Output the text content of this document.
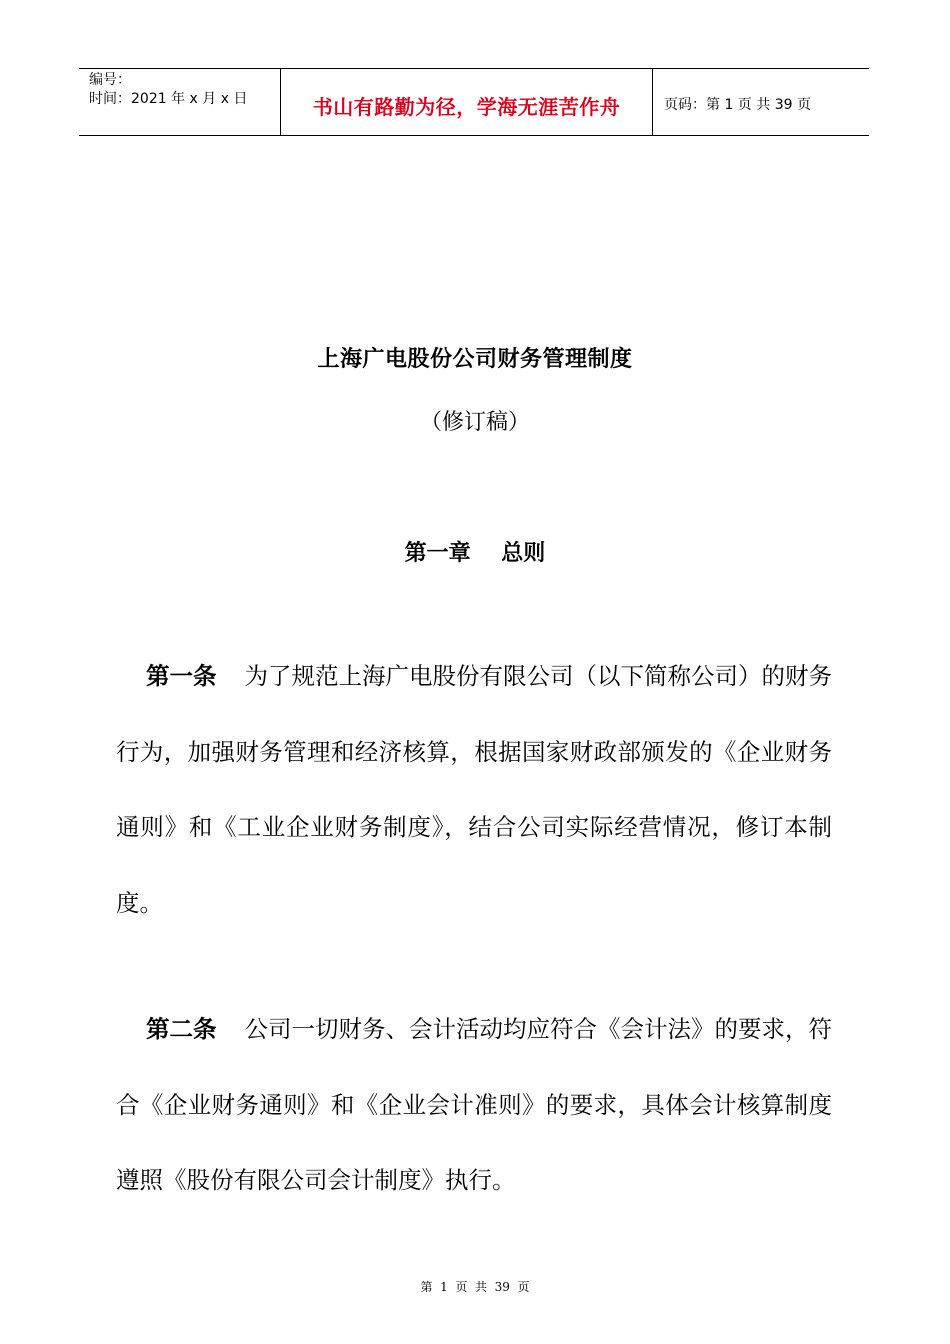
编号：
时间：2021 年 x 月 x 日	书山有路勤为径，学海无涯苦作舟	页码：第 1 页 共 39 页
上海广电股份公司财务管理制度
（修订稿）
第一章    总则

第一条 为了规范上海广电股份有限公司（以下简称公司）的财务行为，加强财务管理和经济核算，根据国家财政部颁发的《企业财务通则》和《工业企业财务制度》，结合公司实际经营情况，修订本制度。

第二条 公司一切财务、会计活动均应符合《会计法》的要求，符合《企业财务通则》和《企业会计准则》的要求，具体会计核算制度遵照《股份有限公司会计制度》执行。

第  1  页  共  39  页
